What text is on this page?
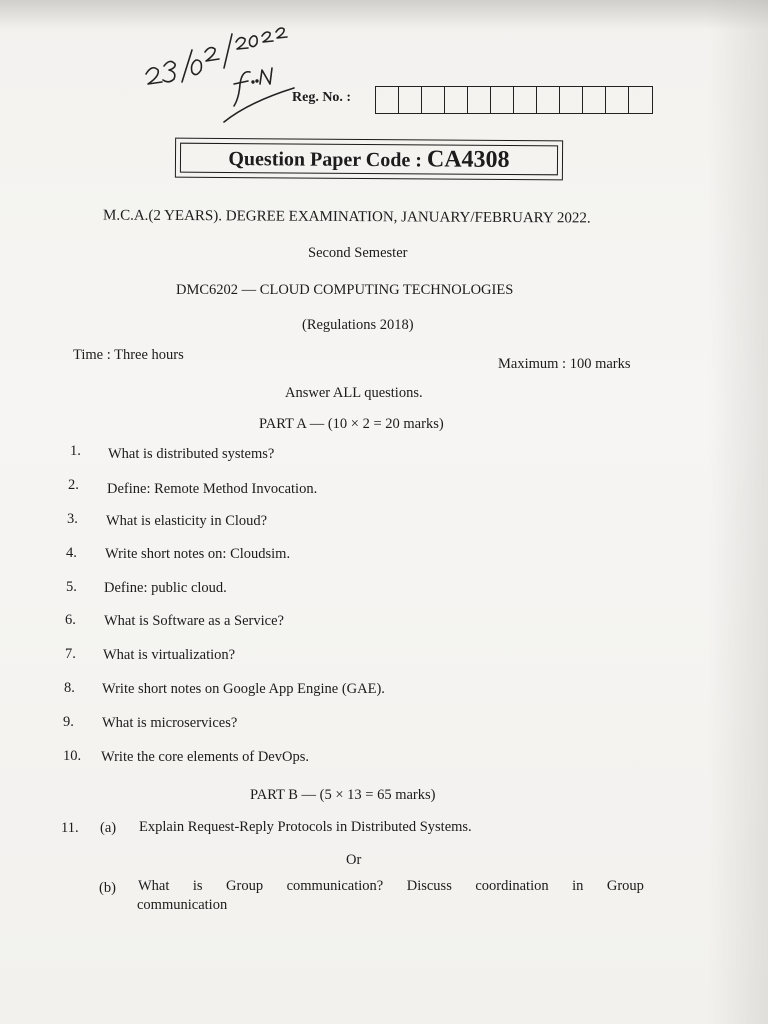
Reg. No. :
Question Paper Code : CA4308
M.C.A.(2 YEARS). DEGREE EXAMINATION, JANUARY/FEBRUARY 2022.
Second Semester
DMC6202 — CLOUD COMPUTING TECHNOLOGIES
(Regulations 2018)
Time : Three hours
Maximum : 100 marks
Answer ALL questions.
PART A — (10 × 2 = 20 marks)
1. What is distributed systems?
2. Define: Remote Method Invocation.
3. What is elasticity in Cloud?
4. Write short notes on: Cloudsim.
5. Define: public cloud.
6. What is Software as a Service?
7. What is virtualization?
8. Write short notes on Google App Engine (GAE).
9. What is microservices?
10. Write the core elements of DevOps.
PART B — (5 × 13 = 65 marks)
11. (a) Explain Request-Reply Protocols in Distributed Systems.
Or
(b) What is Group communication? Discuss coordination in Group
communication
